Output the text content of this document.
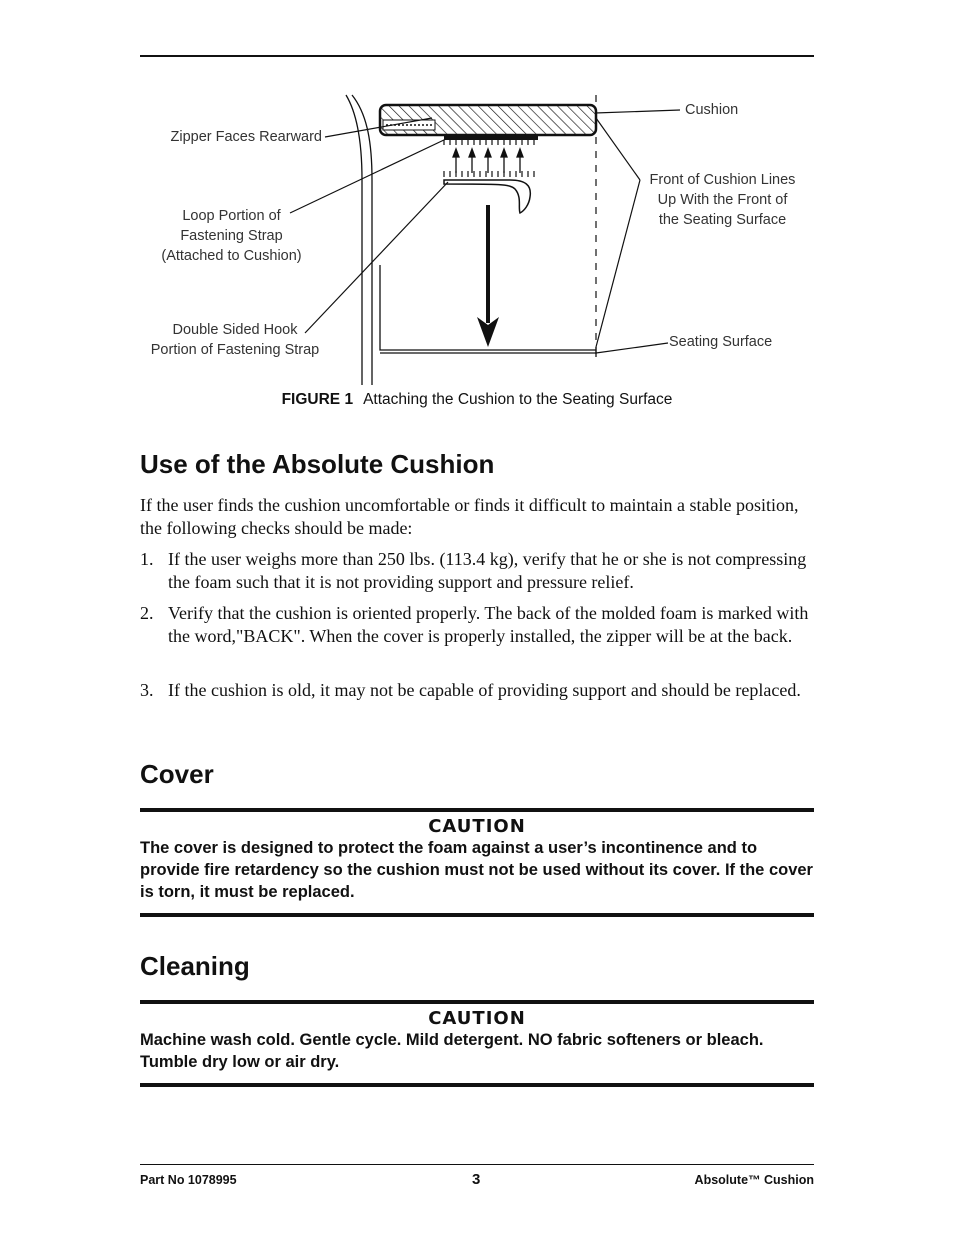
Cushion
Zipper Faces Rearward
Front of Cushion Lines
Up With the Front of
the Seating Surface
Loop Portion of
Fastening Strap
(Attached to Cushion)
Double Sided Hook
Portion of Fastening Strap	Seating Surface
FIGURE 1 Attaching the Cushion to the Seating Surface
Use of the Absolute Cushion

If the user finds the cushion uncomfortable or finds it difficult to maintain a stable position, the following checks should be made:

1. If the user weighs more than 250 lbs. (113.4 kg), verify that he or she is not compressing the foam such that it is not providing support and pressure relief.
2. Verify that the cushion is oriented properly. The back of the molded foam is marked with the word,"BACK". When the cover is properly installed, the zipper will be at the back.
3. If the cushion is old, it may not be capable of providing support and should be replaced.
Cover
CAUTION
The cover is designed to protect the foam against a user’s incontinence and to provide fire retardency so the cushion must not be used without its cover. If the cover is torn, it must be replaced.
Cleaning
CAUTION
Machine wash cold. Gentle cycle. Mild detergent. NO fabric softeners or bleach. Tumble dry low or air dry.
Part No 1078995	3	Absolute™ Cushion
